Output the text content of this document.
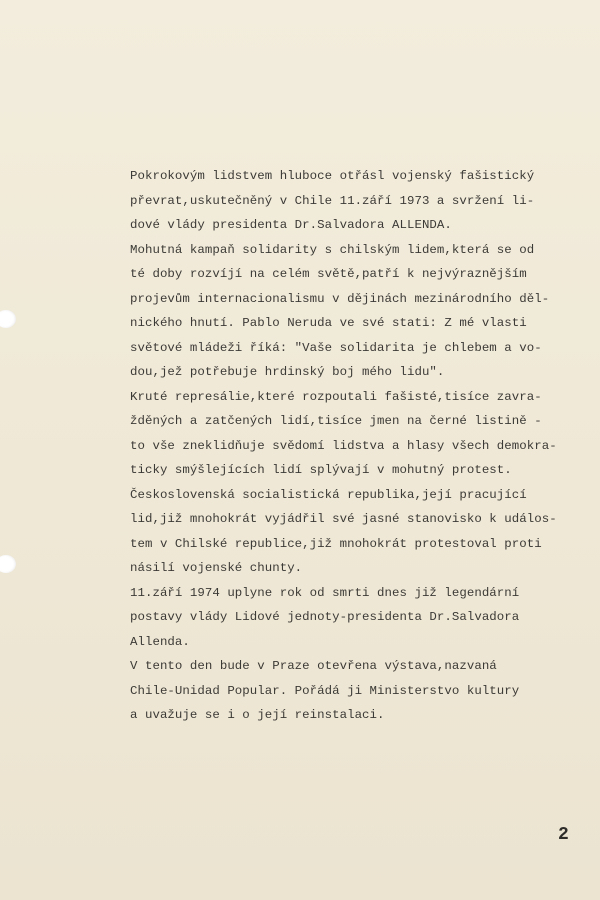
Pokrokovým lidstvem hluboce otřásl vojenský fašistický
převrat,uskutečněný v Chile 11.září 1973 a svržení li-
dové vlády presidenta Dr.Salvadora ALLENDA.
Mohutná kampaň solidarity s chilským lidem,která se od
té doby rozvíjí na celém světě,patří k nejvýraznějším
projevům internacionalismu v dějinách mezinárodního děl-
nického hnutí. Pablo Neruda ve své stati: Z mé vlasti
světové mládeži říká: "Vaše solidarita je chlebem a vo-
dou,jež potřebuje hrdinský boj mého lidu".
Kruté represálie,které rozpoutali fašisté,tisíce zavra-
žděných a zatčených lidí,tisíce jmen na černé listině -
to vše zneklidňuje svědomí lidstva a hlasy všech demokra-
ticky smýšlejících lidí splývají v mohutný protest.
Československá socialistická republika,její pracující
lid,již mnohokrát vyjádřil své jasné stanovisko k událos-
tem v Chilské republice,již mnohokrát protestoval proti
násilí vojenské chunty.
11.září 1974 uplyne rok od smrti dnes již legendární
postavy vlády Lidové jednoty-presidenta Dr.Salvadora
Allenda.
V tento den bude v Praze otevřena výstava,nazvaná
Chile-Unidad Popular. Pořádá ji Ministerstvo kultury
a uvažuje se i o její reinstalaci.
2
